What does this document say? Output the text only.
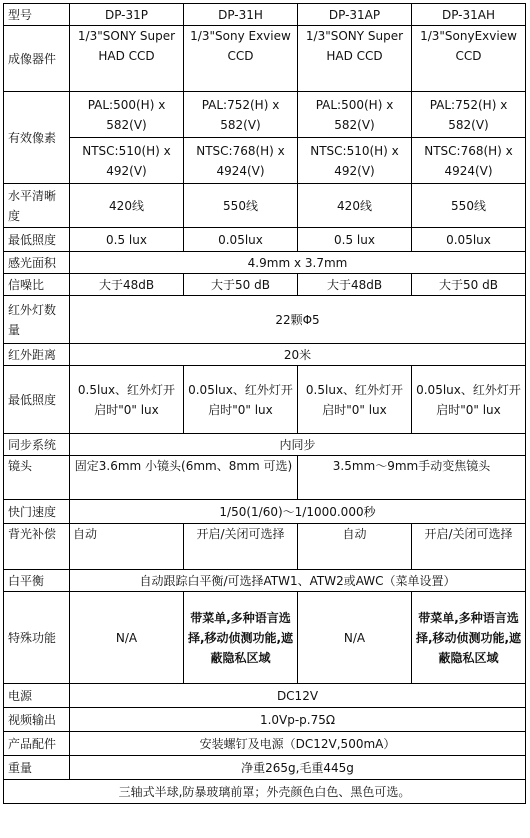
型号	DP-31P	DP-31H	DP-31AP	DP-31AH
成像器件	1/3"SONY Super HAD CCD	1/3"Sony Exview CCD	1/3"SONY Super HAD CCD	1/3"SonyExview CCD
有效像素	PAL:500(H) x 582(V)	PAL:752(H) x 582(V)	PAL:500(H) x 582(V)	PAL:752(H) x 582(V)
	NTSC:510(H) x 492(V)	NTSC:768(H) x 4924(V)	NTSC:510(H) x 492(V)	NTSC:768(H) x 4924(V)
水平清晰度	420线	550线	420线	550线
最低照度	0.5 lux	0.05lux	0.5 lux	0.05lux
感光面积	4.9mm x 3.7mm			
信噪比	大于48dB	大于50 dB	大于48dB	大于50 dB
红外灯数量	22颗Φ5			
红外距离	20米			
最低照度	0.5lux、红外灯开启时"0" lux	0.05lux、红外灯开启时"0" lux	0.5lux、红外灯开启时"0" lux	0.05lux、红外灯开启时"0" lux
同步系统	内同步			
镜头	固定3.6mm 小镜头(6mm、8mm 可选)		3.5mm～9mm手动变焦镜头	
快门速度	1/50(1/60)～1/1000.000秒			
背光补偿	自动	开启/关闭可选择	自动	开启/关闭可选择
白平衡	自动跟踪白平衡/可选择ATW1、ATW2或AWC（菜单设置）			
特殊功能	N/A	带菜单,多种语言选择,移动侦测功能,遮蔽隐私区域	N/A	带菜单,多种语言选择,移动侦测功能,遮蔽隐私区域
电源	DC12V			
视频输出	1.0Vp-p.75Ω			
产品配件	安装螺钉及电源（DC12V,500mA）			
重量	净重265g,毛重445g			
三轴式半球,防暴玻璃前罩；外壳颜色白色、黑色可选。				
